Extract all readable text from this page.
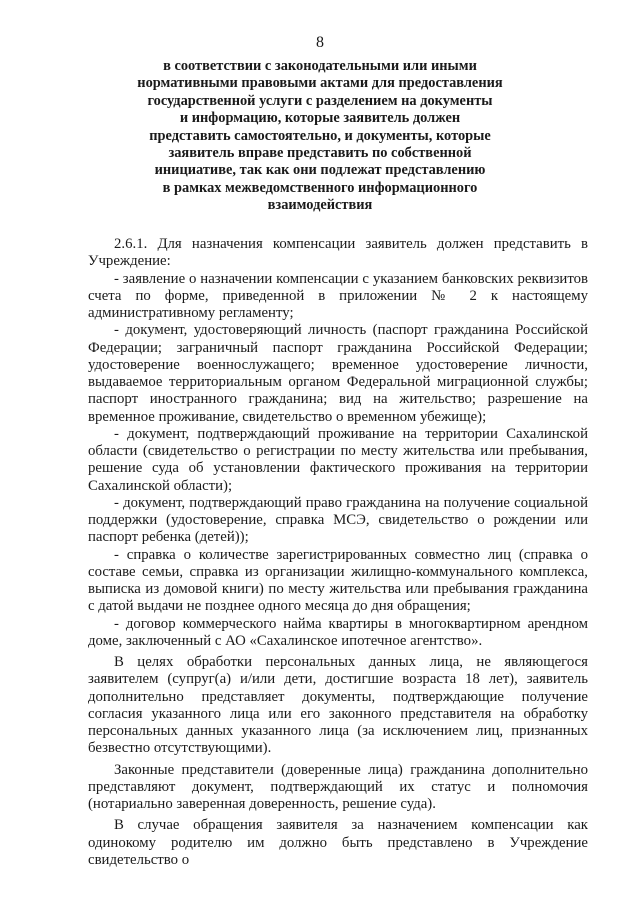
8
в соответствии с законодательными или иными
нормативными правовыми актами для предоставления
государственной услуги с разделением на документы
и информацию, которые заявитель должен
представить самостоятельно, и документы, которые
заявитель вправе представить по собственной
инициативе, так как они подлежат представлению
в рамках межведомственного информационного
взаимодействия

2.6.1. Для назначения компенсации заявитель должен представить в Учреждение:

- заявление о назначении компенсации с указанием банковских реквизитов счета по форме, приведенной в приложении № 2 к настоящему административному регламенту;

- документ, удостоверяющий личность (паспорт гражданина Российской Федерации; заграничный паспорт гражданина Российской Федерации; удостоверение военнослужащего; временное удостоверение личности, выдаваемое территориальным органом Федеральной миграционной службы; паспорт иностранного гражданина; вид на жительство; разрешение на временное проживание, свидетельство о временном убежище);

- документ, подтверждающий проживание на территории Сахалинской области (свидетельство о регистрации по месту жительства или пребывания, решение суда об установлении фактического проживания на территории Сахалинской области);

- документ, подтверждающий право гражданина на получение социальной поддержки (удостоверение, справка МСЭ, свидетельство о рождении или паспорт ребенка (детей));

- справка о количестве зарегистрированных совместно лиц (справка о составе семьи, справка из организации жилищно-коммунального комплекса, выписка из домовой книги) по месту жительства или пребывания гражданина с датой выдачи не позднее одного месяца до дня обращения;

- договор коммерческого найма квартиры в многоквартирном арендном доме, заключенный с АО «Сахалинское ипотечное агентство».

В целях обработки персональных данных лица, не являющегося заявителем (супруг(а) и/или дети, достигшие возраста 18 лет), заявитель дополнительно представляет документы, подтверждающие получение согласия указанного лица или его законного представителя на обработку персональных данных указанного лица (за исключением лиц, признанных безвестно отсутствующими).

Законные представители (доверенные лица) гражданина дополнительно представляют документ, подтверждающий их статус и полномочия (нотариально заверенная доверенность, решение суда).

В случае обращения заявителя за назначением компенсации как одинокому родителю им должно быть представлено в Учреждение свидетельство о
